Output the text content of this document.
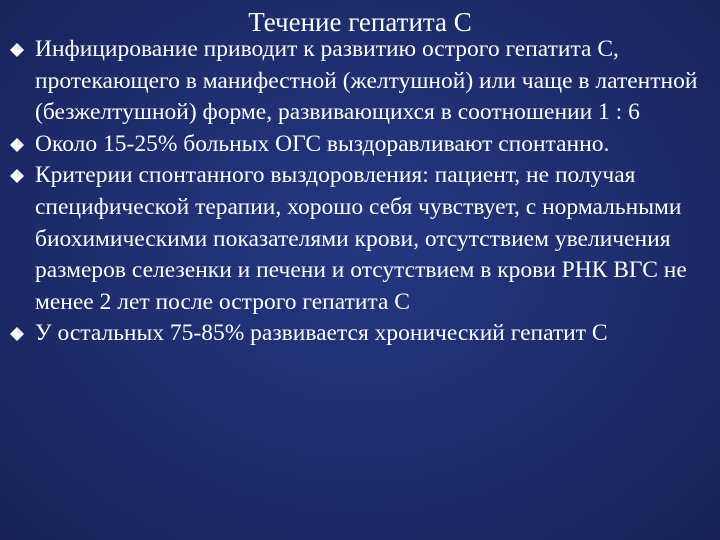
Течение гепатита С
Инфицирование приводит к развитию острого гепатита С, протекающего в манифестной (желтушной) или чаще в латентной (безжелтушной) форме, развивающихся в соотношении 1 : 6
Около 15-25% больных ОГС выздоравливают спонтанно.
Критерии спонтанного выздоровления: пациент, не получая специфической терапии, хорошо себя чувствует, с нормальными биохимическими показателями крови, отсутствием увеличения размеров селезенки и печени и отсутствием в крови РНК ВГС не менее 2 лет после острого гепатита С
У остальных 75-85% развивается хронический гепатит С
